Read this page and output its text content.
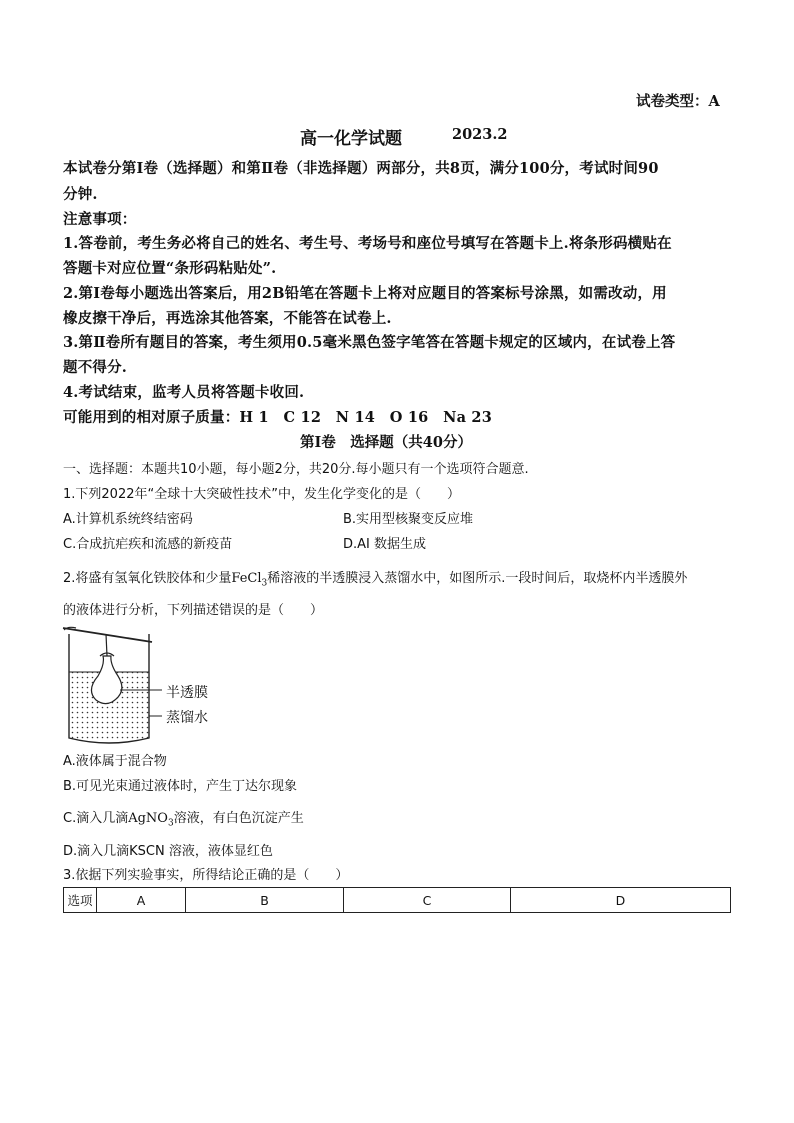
试卷类型：A
高一化学试题	2023.2
本试卷分第Ⅰ卷（选择题）和第Ⅱ卷（非选择题）两部分，共8页，满分100分，考试时间90
分钟.
注意事项：
1.答卷前，考生务必将自己的姓名、考生号、考场号和座位号填写在答题卡上.将条形码横贴在
答题卡对应位置“条形码粘贴处”.
2.第Ⅰ卷每小题选出答案后，用2B铅笔在答题卡上将对应题目的答案标号涂黑，如需改动，用
橡皮擦干净后，再选涂其他答案，不能答在试卷上.
3.第Ⅱ卷所有题目的答案，考生须用0.5毫米黑色签字笔答在答题卡规定的区域内，在试卷上答
题不得分.
4.考试结束，监考人员将答题卡收回.
可能用到的相对原子质量：H 1　C 12　N 14　O 16　Na 23
第Ⅰ卷　选择题（共40分）
一、选择题：本题共10小题，每小题2分，共20分.每小题只有一个选项符合题意.
1.下列2022年“全球十大突破性技术”中，发生化学变化的是（　　）
A.计算机系统终结密码	B.实用型核聚变反应堆
C.合成抗疟疾和流感的新疫苗	D.AI 数据生成
2.将盛有氢氧化铁胶体和少量FeCl$_3$稀溶液的半透膜浸入蒸馏水中，如图所示.一段时间后，取烧杯内半透膜外
的液体进行分析，下列描述错误的是（　　）
半透膜
蒸馏水
A.液体属于混合物
B.可见光束通过液体时，产生丁达尔现象
C.滴入几滴AgNO$_3$溶液，有白色沉淀产生
D.滴入几滴KSCN 溶液，液体显红色
3.依据下列实验事实，所得结论正确的是（　　）
选项	A	B	C	D
